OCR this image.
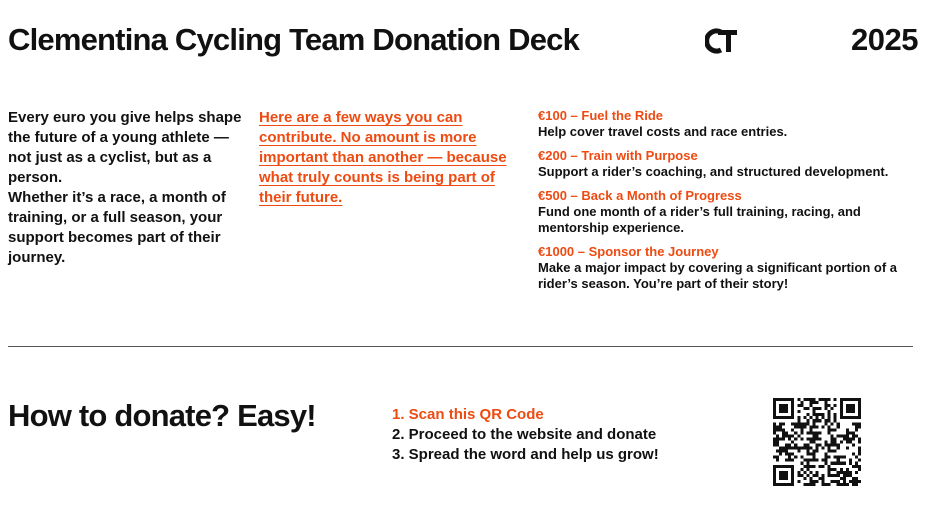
Clementina Cycling Team Donation Deck	2025

Every euro you give helps shape the future of a young athlete — not just as a cyclist, but as a person.

Whether it’s a race, a month of training, or a full season, your support becomes part of their journey.

Here are a few ways you can contribute. No amount is more important than another — because what truly counts is being part of their future.
€100 – Fuel the Ride
Help cover travel costs and race entries.
€200 – Train with Purpose
Support a rider’s coaching, and structured development.
€500 – Back a Month of Progress
Fund one month of a rider’s full training, racing, and mentorship experience.
€1000 – Sponsor the Journey
Make a major impact by covering a significant portion of a rider’s season. You’re part of their story!
How to donate? Easy!	1. Scan this QR Code
2. Proceed to the website and donate
3. Spread the word and help us grow!
